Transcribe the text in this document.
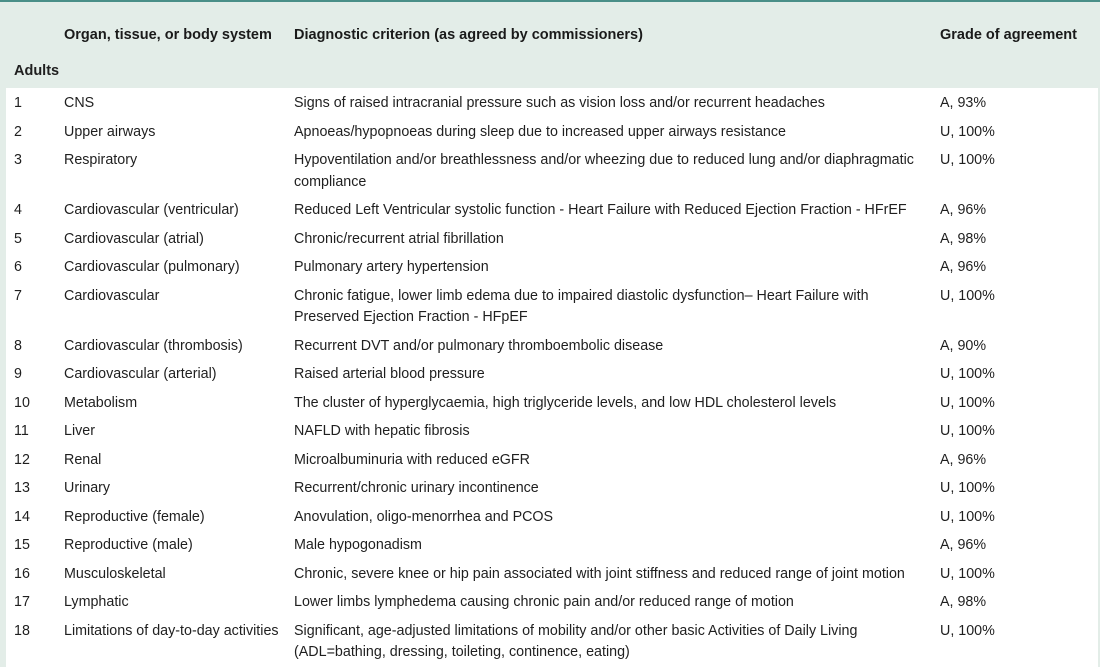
	Organ, tissue, or body system	Diagnostic criterion (as agreed by commissioners)	Grade of agreement
Adults			
1	CNS	Signs of raised intracranial pressure such as vision loss and/or recurrent headaches	A, 93%
2	Upper airways	Apnoeas/hypopnoeas during sleep due to increased upper airways resistance	U, 100%
3	Respiratory	Hypoventilation and/or breathlessness and/or wheezing due to reduced lung and/or diaphragmatic compliance	U, 100%
4	Cardiovascular (ventricular)	Reduced Left Ventricular systolic function - Heart Failure with Reduced Ejection Fraction - HFrEF	A, 96%
5	Cardiovascular (atrial)	Chronic/recurrent atrial fibrillation	A, 98%
6	Cardiovascular (pulmonary)	Pulmonary artery hypertension	A, 96%
7	Cardiovascular	Chronic fatigue, lower limb edema due to impaired diastolic dysfunction– Heart Failure with Preserved Ejection Fraction - HFpEF	U, 100%
8	Cardiovascular (thrombosis)	Recurrent DVT and/or pulmonary thromboembolic disease	A, 90%
9	Cardiovascular (arterial)	Raised arterial blood pressure	U, 100%
10	Metabolism	The cluster of hyperglycaemia, high triglyceride levels, and low HDL cholesterol levels	U, 100%
11	Liver	NAFLD with hepatic fibrosis	U, 100%
12	Renal	Microalbuminuria with reduced eGFR	A, 96%
13	Urinary	Recurrent/chronic urinary incontinence	U, 100%
14	Reproductive (female)	Anovulation, oligo-menorrhea and PCOS	U, 100%
15	Reproductive (male)	Male hypogonadism	A, 96%
16	Musculoskeletal	Chronic, severe knee or hip pain associated with joint stiffness and reduced range of joint motion	U, 100%
17	Lymphatic	Lower limbs lymphedema causing chronic pain and/or reduced range of motion	A, 98%
18	Limitations of day-to-day activities	Significant, age-adjusted limitations of mobility and/or other basic Activities of Daily Living (ADL=bathing, dressing, toileting, continence, eating)	U, 100%
